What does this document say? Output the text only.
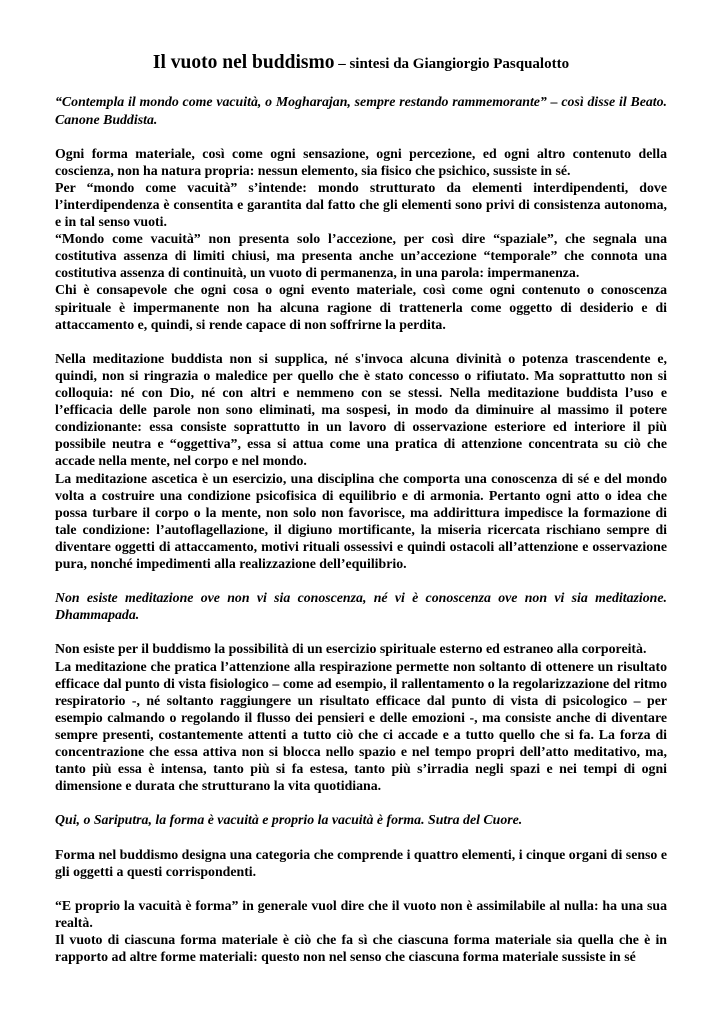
Il vuoto nel buddismo – sintesi da Giangiorgio Pasqualotto

“Contempla il mondo come vacuità, o Mogharajan, sempre restando rammemorante” – così disse il Beato. Canone Buddista.

Ogni forma materiale, così come ogni sensazione, ogni percezione, ed ogni altro contenuto della coscienza, non ha natura propria: nessun elemento, sia fisico che psichico, sussiste in sé.

Per “mondo come vacuità” s’intende: mondo strutturato da elementi interdipendenti, dove l’interdipendenza è consentita e garantita dal fatto che gli elementi sono privi di consistenza autonoma, e in tal senso vuoti.

“Mondo come vacuità” non presenta solo l’accezione, per così dire “spaziale”, che segnala una costitutiva assenza di limiti chiusi, ma presenta anche un’accezione “temporale” che connota una costitutiva assenza di continuità, un vuoto di permanenza, in una parola: impermanenza.

Chi è consapevole che ogni cosa o ogni evento materiale, così come ogni contenuto o conoscenza spirituale è impermanente non ha alcuna ragione di trattenerla come oggetto di desiderio e di attaccamento e, quindi, si rende capace di non soffrirne la perdita.

Nella meditazione buddista non si supplica, né s'invoca alcuna divinità o potenza trascendente e, quindi, non si ringrazia o maledice per quello che è stato concesso o rifiutato. Ma soprattutto non si colloquia: né con Dio, né con altri e nemmeno con se stessi. Nella meditazione buddista l’uso e l’efficacia delle parole non sono eliminati, ma sospesi, in modo da diminuire al massimo il potere condizionante: essa consiste soprattutto in un lavoro di osservazione esteriore ed interiore il più possibile neutra e “oggettiva”, essa si attua come una pratica di attenzione concentrata su ciò che accade nella mente, nel corpo e nel mondo.

La meditazione ascetica è un esercizio, una disciplina che comporta una conoscenza di sé e del mondo volta a costruire una condizione psicofisica di equilibrio e di armonia. Pertanto ogni atto o idea che possa turbare il corpo o la mente, non solo non favorisce, ma addirittura impedisce la formazione di tale condizione: l’autoflagellazione, il digiuno mortificante, la miseria ricercata rischiano sempre di diventare oggetti di attaccamento, motivi rituali ossessivi e quindi ostacoli all’attenzione e osservazione pura, nonché impedimenti alla realizzazione dell’equilibrio.

Non esiste meditazione ove non vi sia conoscenza, né vi è conoscenza ove non vi sia meditazione. Dhammapada.

Non esiste per il buddismo la possibilità di un esercizio spirituale esterno ed estraneo alla corporeità.

La meditazione che pratica l’attenzione alla respirazione permette non soltanto di ottenere un risultato efficace dal punto di vista fisiologico – come ad esempio, il rallentamento o la regolarizzazione del ritmo respiratorio -, né soltanto raggiungere un risultato efficace dal punto di vista di psicologico – per esempio calmando o regolando il flusso dei pensieri e delle emozioni -, ma consiste anche di diventare sempre presenti, costantemente attenti a tutto ciò che ci accade e a tutto quello che si fa. La forza di concentrazione che essa attiva non si blocca nello spazio e nel tempo propri dell’atto meditativo, ma, tanto più essa è intensa, tanto più si fa estesa, tanto più s’irradia negli spazi e nei tempi di ogni dimensione e durata che strutturano la vita quotidiana.

Qui, o Sariputra, la forma è vacuità e proprio la vacuità è forma. Sutra del Cuore.

Forma nel buddismo designa una categoria che comprende i quattro elementi, i cinque organi di senso e gli oggetti a questi corrispondenti.

“E proprio la vacuità è forma” in generale vuol dire che il vuoto non è assimilabile al nulla: ha una sua realtà.

Il vuoto di ciascuna forma materiale è ciò che fa sì che ciascuna forma materiale sia quella che è in rapporto ad altre forme materiali: questo non nel senso che ciascuna forma materiale sussiste in sé
